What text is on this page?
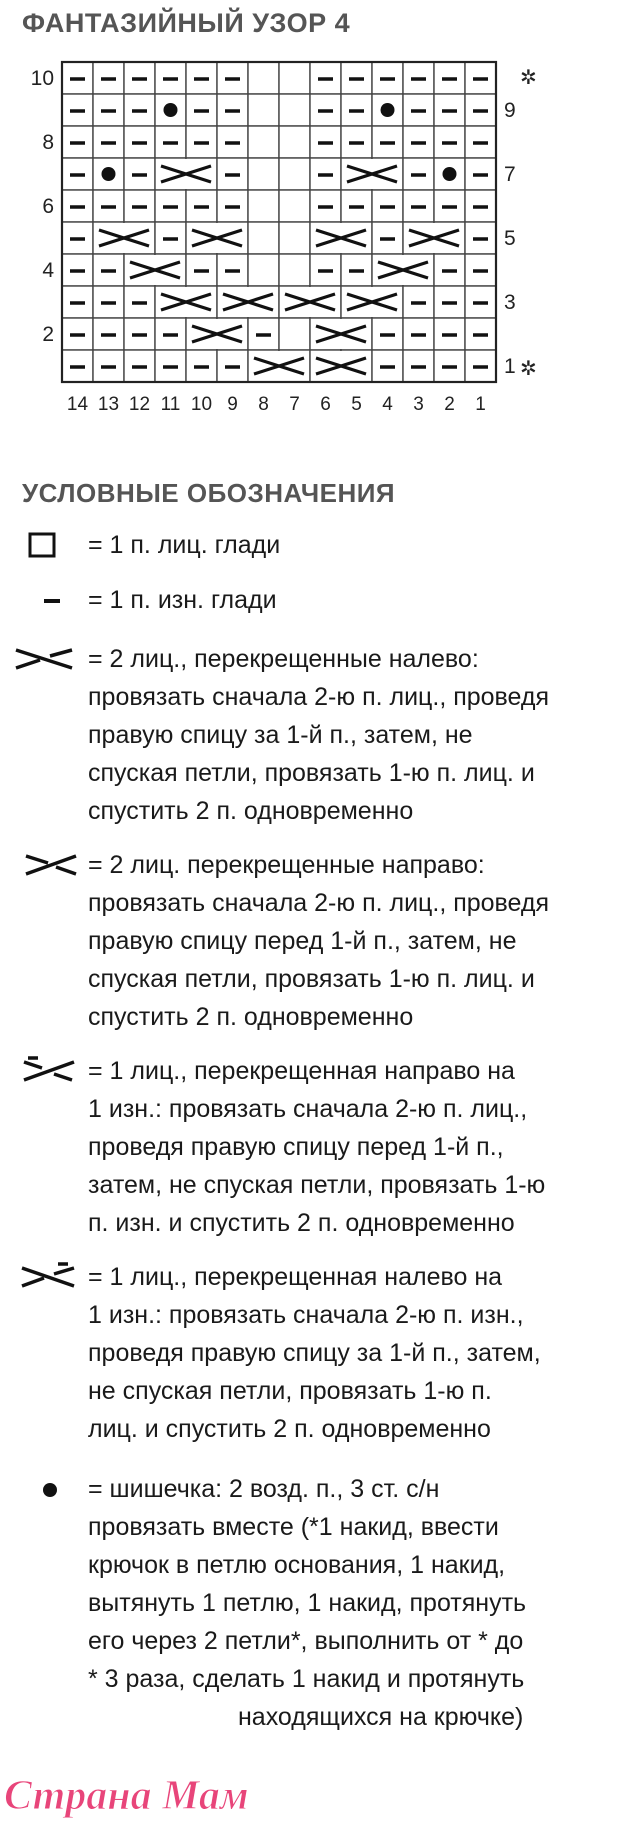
ФАНТАЗИЙНЫЙ УЗОР 4
2
4
6
8
10
1
3
5
7
9
✲
✲
14 13 12 11 10 9 8 7 6 5 4 3 2 1
УСЛОВНЫЕ ОБОЗНАЧЕНИЯ
= 1 п. лиц. глади
= 1 п. изн. глади
= 2 лиц., перекрещенные налево:
провязать сначала 2-ю п. лиц., проведя
правую спицу за 1-й п., затем, не
спуская петли, провязать 1-ю п. лиц. и
спустить 2 п. одновременно
= 2 лиц. перекрещенные направо:
провязать сначала 2-ю п. лиц., проведя
правую спицу перед 1-й п., затем, не
спуская петли, провязать 1-ю п. лиц. и
спустить 2 п. одновременно
= 1 лиц., перекрещенная направо на
1 изн.: провязать сначала 2-ю п. лиц.,
проведя правую спицу перед 1-й п.,
затем, не спуская петли, провязать 1-ю
п. изн. и спустить 2 п. одновременно
= 1 лиц., перекрещенная налево на
1 изн.: провязать сначала 2-ю п. изн.,
проведя правую спицу за 1-й п., затем,
не спуская петли, провязать 1-ю п.
лиц. и спустить 2 п. одновременно
= шишечка: 2 возд. п., 3 ст. с/н
провязать вместе (*1 накид, ввести
крючок в петлю основания, 1 накид,
вытянуть 1 петлю, 1 накид, протянуть
его через 2 петли*, выполнить от * до
* 3 раза, сделать 1 накид и протянуть
находящихся на крючке)
Страна Мам
